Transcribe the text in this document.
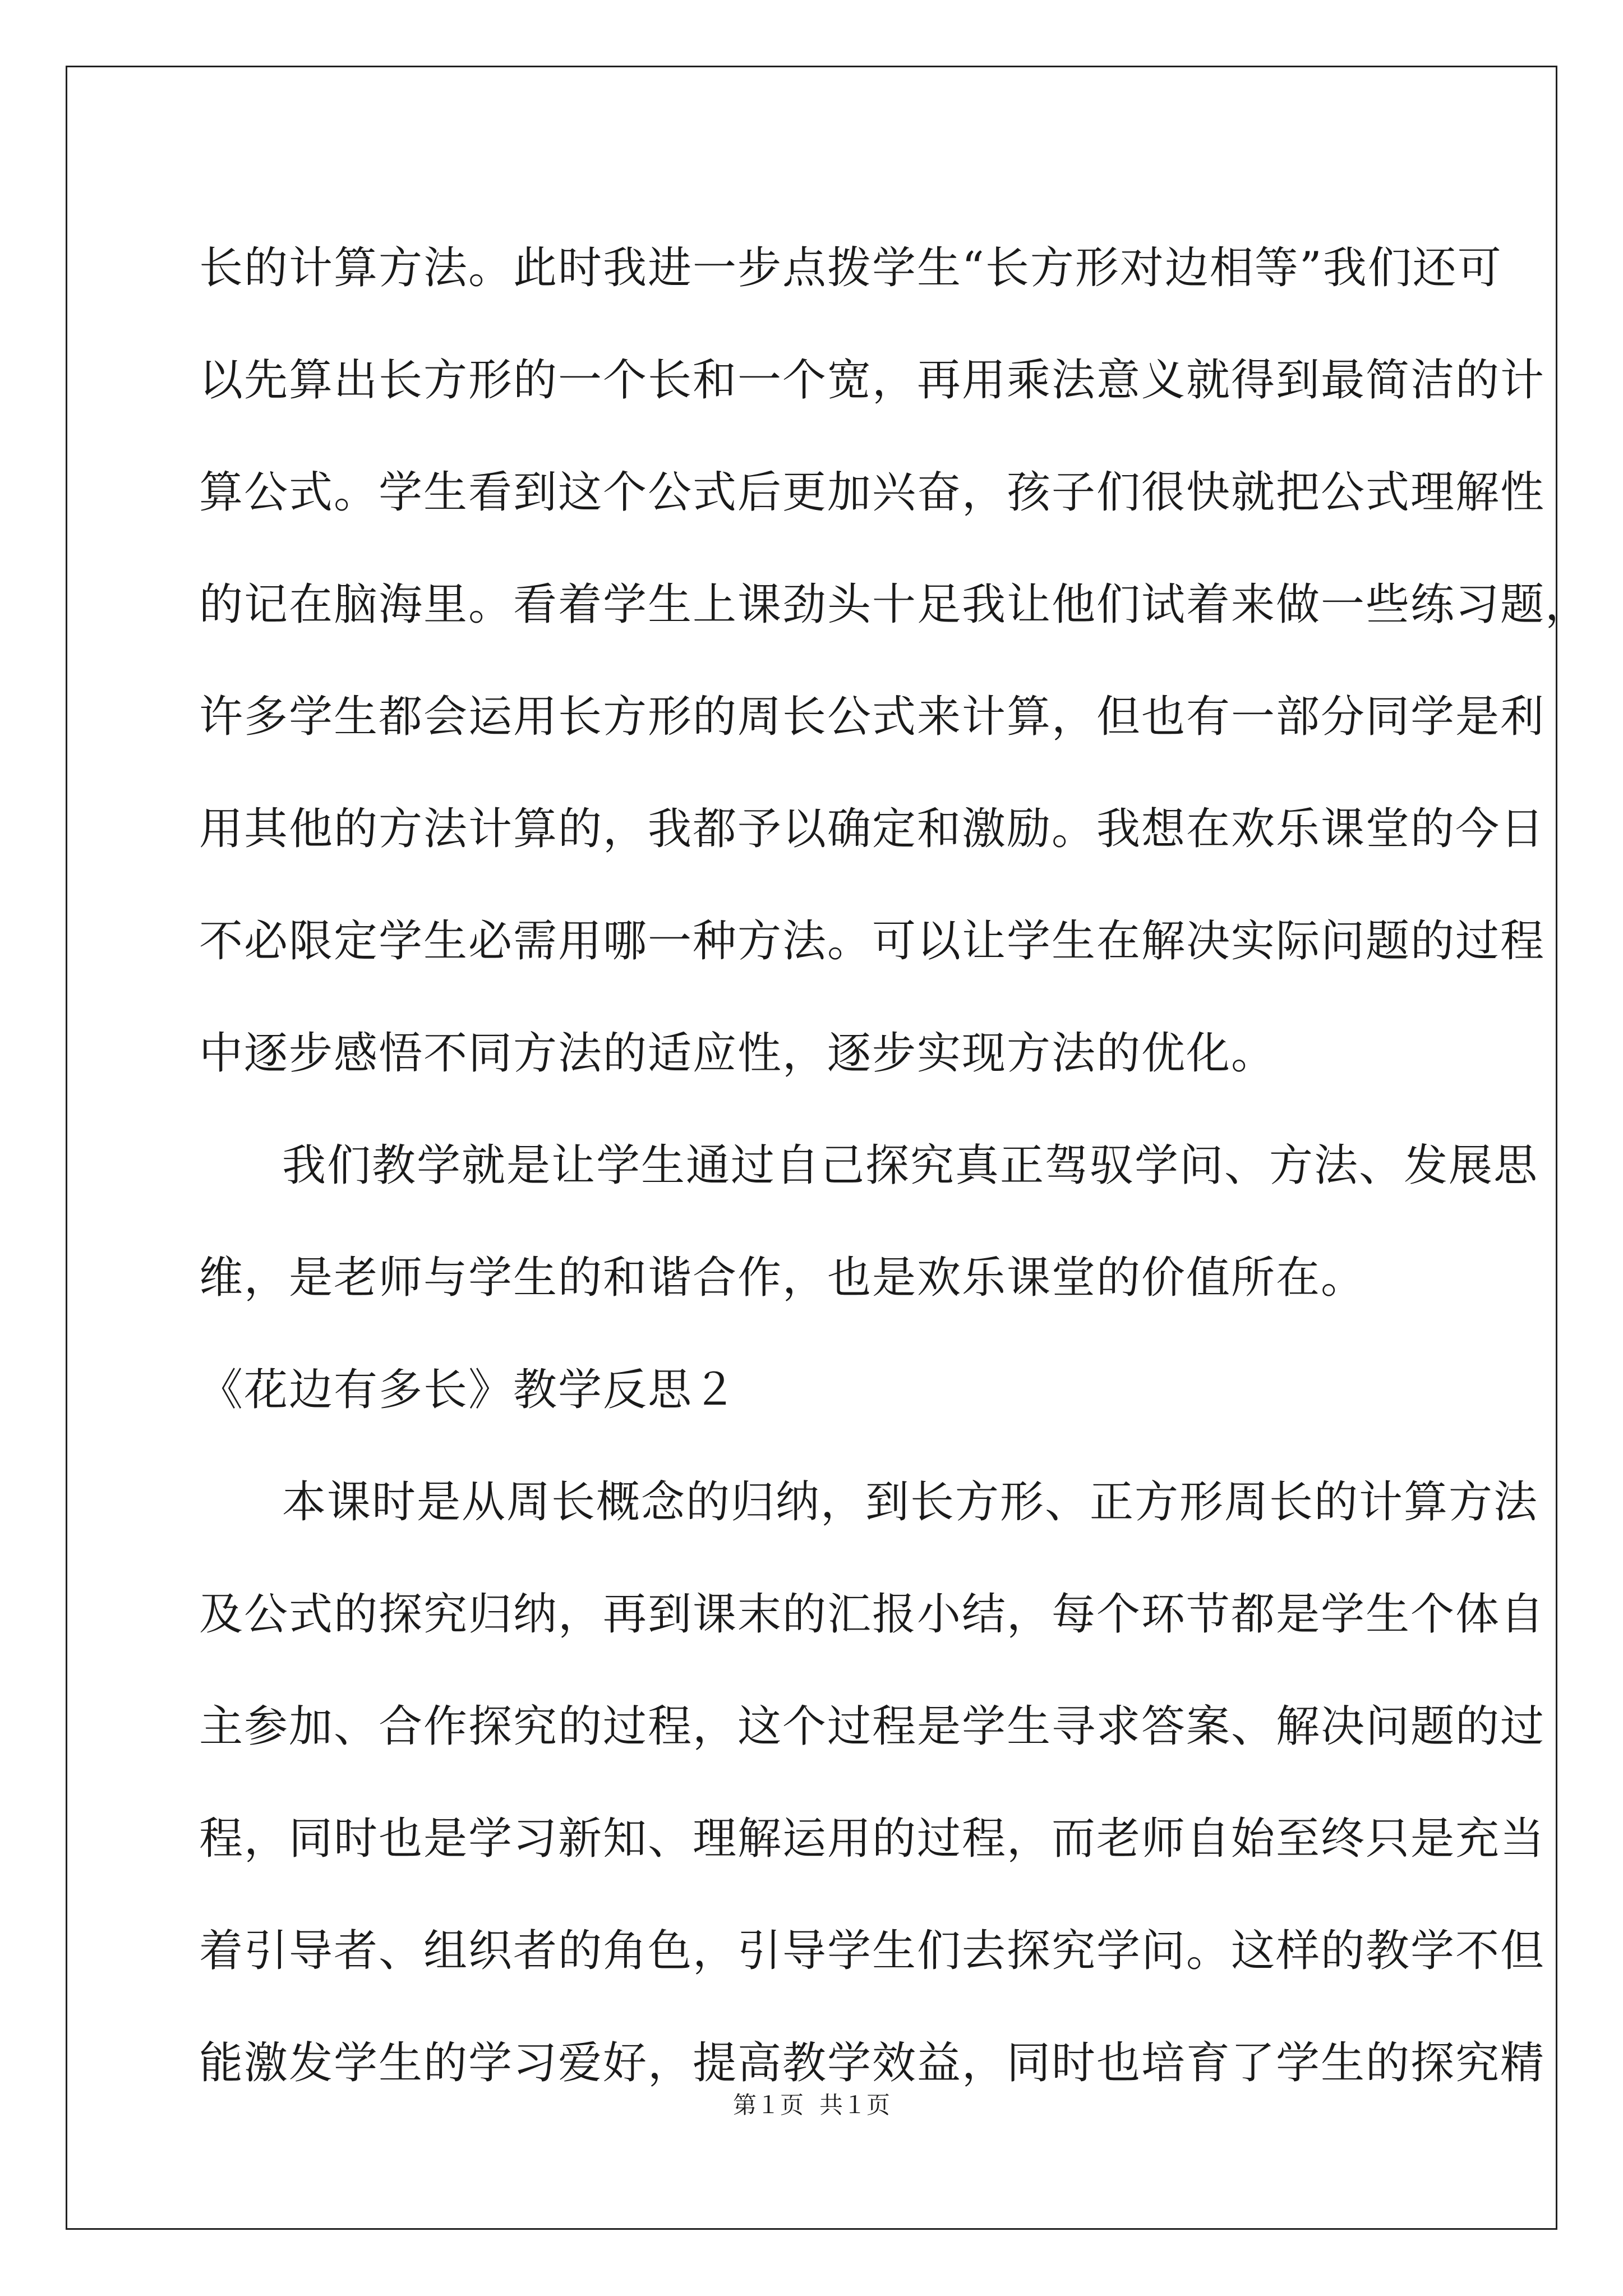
长的计算方法。此时我进一步点拨学生“长方形对边相等”我们还可
以先算出长方形的一个长和一个宽，再用乘法意义就得到最简洁的计
算公式。学生看到这个公式后更加兴奋，孩子们很快就把公式理解性
的记在脑海里。看着学生上课劲头十足我让他们试着来做一些练习题，
许多学生都会运用长方形的周长公式来计算，但也有一部分同学是利
用其他的方法计算的，我都予以确定和激励。我想在欢乐课堂的今日
不必限定学生必需用哪一种方法。可以让学生在解决实际问题的过程
中逐步感悟不同方法的适应性，逐步实现方法的优化。
我们教学就是让学生通过自己探究真正驾驭学问、方法、发展思
维，是老师与学生的和谐合作，也是欢乐课堂的价值所在。
《花边有多长》教学反思２
本课时是从周长概念的归纳，到长方形、正方形周长的计算方法
及公式的探究归纳，再到课末的汇报小结，每个环节都是学生个体自
主参加、合作探究的过程，这个过程是学生寻求答案、解决问题的过
程，同时也是学习新知、理解运用的过程，而老师自始至终只是充当
着引导者、组织者的角色，引导学生们去探究学问。这样的教学不但
能激发学生的学习爱好，提高教学效益，同时也培育了学生的探究精
第１页 共１页
